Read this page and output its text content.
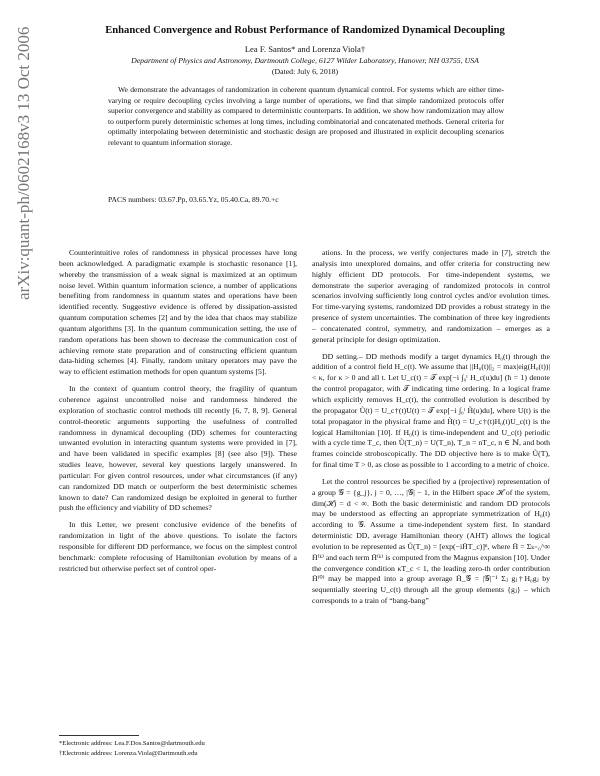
arXiv:quant-ph/0602168v3 13 Oct 2006	Enhanced Convergence and Robust Performance of Randomized Dynamical Decoupling
Lea F. Santos* and Lorenza Viola†
Department of Physics and Astronomy, Dartmouth College, 6127 Wilder Laboratory, Hanover, NH 03755, USA
(Dated: July 6, 2018)
We demonstrate the advantages of randomization in coherent quantum dynamical control. For systems which are either time-varying or require decoupling cycles involving a large number of operations, we find that simple randomized protocols offer superior convergence and stability as compared to deterministic counterparts. In addition, we show how randomization may allow to outperform purely deterministic schemes at long times, including combinatorial and concatenated methods. General criteria for optimally interpolating between deterministic and stochastic design are proposed and illustrated in explicit decoupling scenarios relevant to quantum information storage.
PACS numbers: 03.67.Pp, 03.65.Yz, 05.40.Ca, 89.70.+c

Counterintuitive roles of randomness in physical processes have long been acknowledged. A paradigmatic example is stochastic resonance [1], whereby the transmission of a weak signal is maximized at an optimum noise level. Within quantum information science, a number of applications benefiting from randomness in quantum states and operations have been identified recently. Suggestive evidence is offered by dissipation-assisted quantum computation schemes [2] and by the idea that chaos may stabilize quantum algorithms [3]. In the quantum communication setting, the use of random operations has been shown to decrease the communication cost of achieving remote state preparation and of constructing efficient quantum data-hiding schemes [4]. Finally, random unitary operators may pave the way to efficient estimation methods for open quantum systems [5].

In the context of quantum control theory, the fragility of quantum coherence against uncontrolled noise and randomness hindered the exploration of stochastic control methods till recently [6, 7, 8, 9]. General control-theoretic arguments supporting the usefulness of controlled randomness in dynamical decoupling (DD) schemes for counteracting unwanted evolution in interacting quantum systems were provided in [7], and have been validated in specific examples [8] (see also [9]). These studies leave, however, several key questions largely unanswered. In particular: For given control resources, under what circumstances (if any) can randomized DD match or outperform the best deterministic schemes known to date? Can randomized design be exploited in general to further push the efficiency and viability of DD schemes?

In this Letter, we present conclusive evidence of the benefits of randomization in light of the above questions. To isolate the factors responsible for different DD performance, we focus on the simplest control benchmark: complete refocusing of Hamiltonian evolution by means of a restricted but otherwise perfect set of control oper-

ations. In the process, we verify conjectures made in [7], stretch the analysis into unexplored domains, and offer criteria for constructing new highly efficient DD protocols. For time-independent systems, we demonstrate the superior averaging of randomized protocols in control scenarios involving sufficiently long control cycles and/or evolution times. For time-varying systems, randomized DD provides a robust strategy in the presence of system uncertainties. The combination of three key ingredients – concatenated control, symmetry, and randomization – emerges as a general principle for design optimization.

DD setting.– DD methods modify a target dynamics H₀(t) through the addition of a control field H_c(t). We assume that ||H₀(t)||₂ = max|eig(H₀(t))| < κ, for κ > 0 and all t. Let U_c(t) = 𝒯 exp[−i ∫₀ᵗ H_c(u)du] (ħ = 1) denote the control propagator, with 𝒯 indicating time ordering. In a logical frame which explicitly removes H_c(t), the controlled evolution is described by the propagator Ũ(t) = U_c†(t)U(t) = 𝒯 exp[−i ∫₀ᵗ H̃(u)du], where U(t) is the total propagator in the physical frame and H̃(t) = U_c†(t)H₀(t)U_c(t) is the logical Hamiltonian [10]. If H₀(t) is time-independent and U_c(t) periodic with a cycle time T_c, then Ũ(T_n) = U(T_n), T_n = nT_c, n ∈ ℕ, and both frames coincide stroboscopically. The DD objective here is to make Ũ(T), for final time T > 0, as close as possible to 1 according to a metric of choice.

Let the control resources be specified by a (projective) representation of a group 𝒢 = {g_j}, j = 0, …, |𝒢| − 1, in the Hilbert space ℋ of the system, dim(ℋ) = d < ∞. Both the basic deterministic and random DD protocols may be understood as effecting an appropriate symmetrization of H₀(t) according to 𝒢. Assume a time-independent system first. In standard deterministic DD, average Hamiltonian theory (AHT) allows the logical evolution to be represented as Ũ(T_n) = [exp(−iH̄T_c)]ⁿ, where H̄ = Σₖ₌₀^∞ H̄⁽ᵏ⁾ and each term H̄⁽ᵏ⁾ is computed from the Magnus expansion [10]. Under the convergence condition κT_c < 1, the leading zero-th order contribution H̄⁽⁰⁾ may be mapped into a group average H̄_𝒢 = |𝒢|⁻¹ Σⱼ gⱼ†H₀gⱼ by sequentially steering U_c(t) through all the group elements {gⱼ} – which corresponds to a train of “bang-bang”

*Electronic address: Lea.F.Dos.Santos@dartmouth.edu
†Electronic address: Lorenza.Viola@Dartmouth.edu
